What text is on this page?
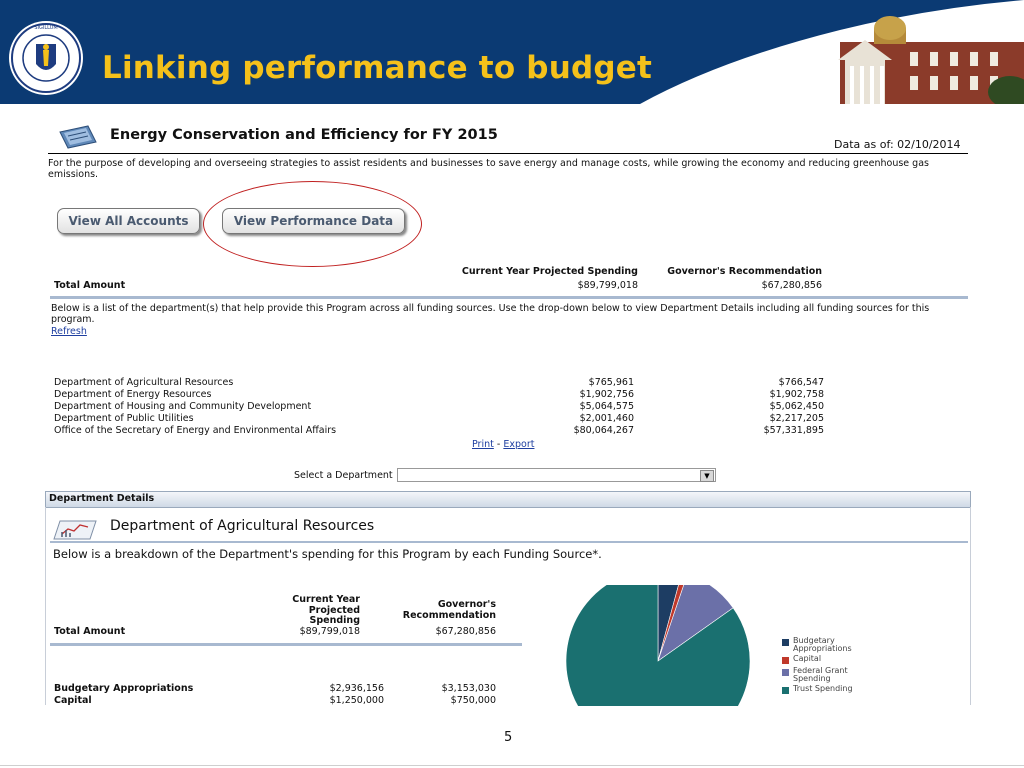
SIGILLUM
Linking performance to budget
Energy Conservation and Efficiency for FY 2015
Data as of: 02/10/2014
For the purpose of developing and overseeing strategies to assist residents and businesses to save energy and manage costs, while growing the economy and reducing greenhouse gas emissions.
View All Accounts	View Performance Data
Current Year Projected Spending	Governor's Recommendation
Total Amount	$89,799,018	$67,280,856
Below is a list of the department(s) that help provide this Program across all funding sources. Use the drop-down below to view Department Details including all funding sources for this program.
Refresh
Department of Agricultural Resources	$765,961	$766,547
Department of Energy Resources	$1,902,756	$1,902,758
Department of Housing and Community Development	$5,064,575	$5,062,450
Department of Public Utilities	$2,001,460	$2,217,205
Office of the Secretary of Energy and Environmental Affairs	$80,064,267	$57,331,895
Print - Export
Select a Department	▼
Department Details
Department of Agricultural Resources
Below is a breakdown of the Department's spending for this Program by each Funding Source*.
Current Year
Projected
Spending
Governor's
Recommendation
Total Amount	$89,799,018	$67,280,856
Budgetary Appropriations	$2,936,156	$3,153,030
Capital	$1,250,000	$750,000
Budgetary Appropriations
Capital
Federal Grant Spending
Trust Spending
5
